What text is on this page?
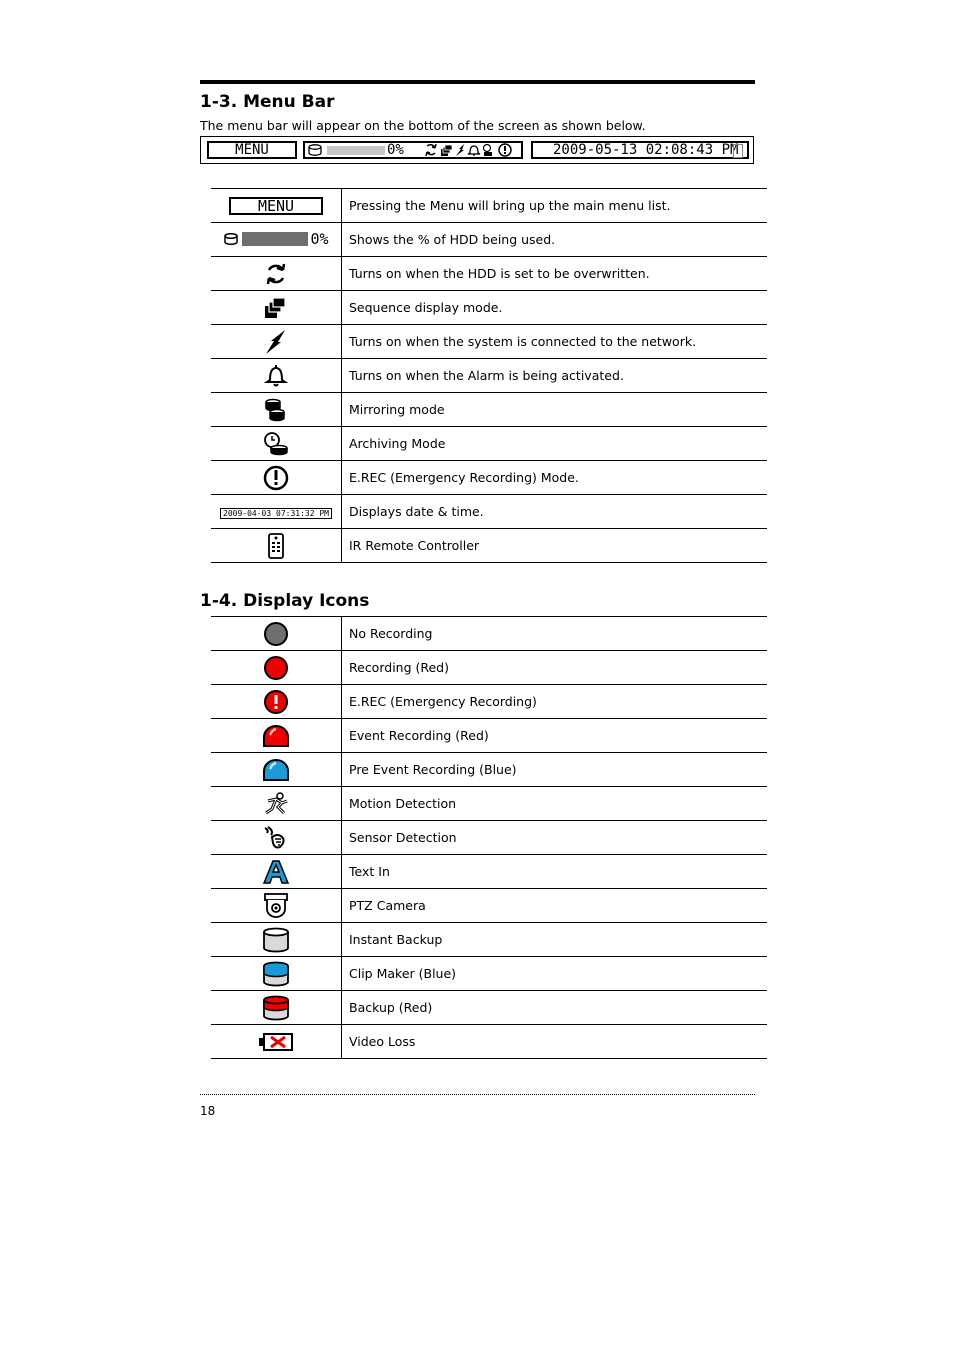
1-3. Menu Bar
The menu bar will appear on the bottom of the screen as shown below.
MENU	0%	2009-05-13 02:08:43 PM
MENU	Pressing the Menu will bring up the main menu list.

0%	Shows the % of HDD being used.
	Turns on when the HDD is set to be overwritten.
	Sequence display mode.
	Turns on when the system is connected to the network.
	Turns on when the Alarm is being activated.
	Mirroring mode
	Archiving Mode
	E.REC (Emergency Recording) Mode.
2009-04-03 07:31:32 PM	Displays date & time.
	IR Remote Controller
1-4. Display Icons
	No Recording
	Recording (Red)
	E.REC (Emergency Recording)
	Event Recording (Red)
	Pre Event Recording (Blue)
	Motion Detection
	Sensor Detection
	Text In
	PTZ Camera
	Instant Backup
	Clip Maker (Blue)
	Backup (Red)
	Video Loss
18
